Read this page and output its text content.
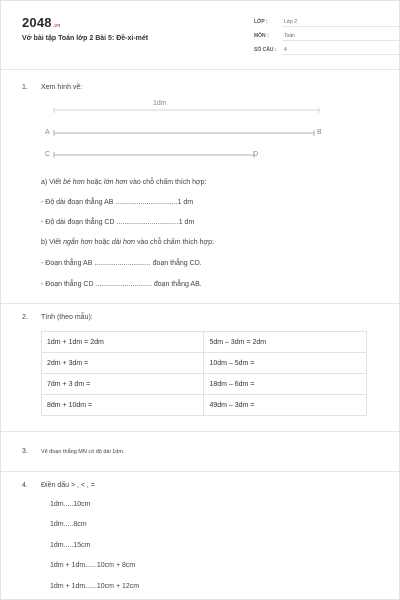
2048.vn
Vở bài tập Toán lớp 2 Bài 5: Đề-xi-mét
LỚP :	Lớp 2
MÔN :	Toán
SỐ CÂU : 4
1. Xem hình vẽ:
1dm
A	B
C	D
a) Viết bé hơn hoặc lớn hơn vào chỗ chấm thích hợp:
- Độ dài đoạn thẳng AB ................................1 dm
- Độ dài đoạn thẳng CD ................................1 dm
b) Viết ngắn hơn hoặc dài hơn vào chỗ chấm thích hợp:
- Đoạn thẳng AB ............................. đoạn thẳng CD.
- Đoạn thẳng CD ............................. đoạn thẳng AB.
2. Tính (theo mẫu):
1dm + 1dm = 2dm	5dm – 3dm = 2dm
2dm + 3dm =	10dm – 5dm =
7dm + 3 dm =	18dm – 6dm =
8dm + 10dm =	49dm – 3dm =
3. Vẽ đoạn thẳng MN có độ dài 1dm.
4. Điền dấu > , < , =
1dm.....10cm
1dm.....8cm
1dm.....15cm
1dm + 1dm......10cm + 8cm
1dm + 1dm......10cm + 12cm
